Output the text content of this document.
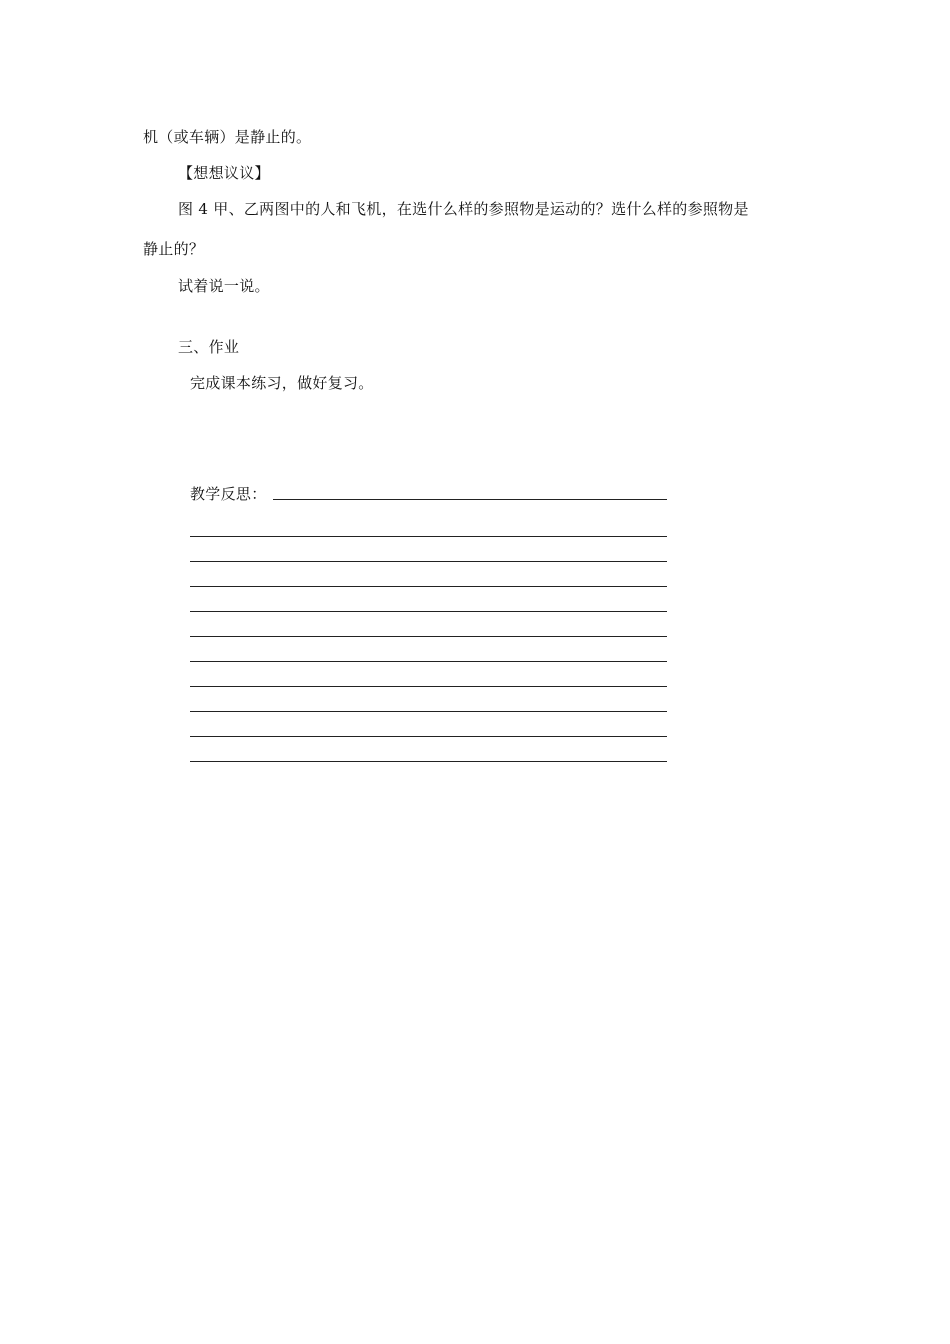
机（或车辆）是静止的。
【想想议议】
图 4 甲、乙两图中的人和飞机，在选什么样的参照物是运动的？选什么样的参照物是
静止的？
试着说一说。
三、作业
完成课本练习，做好复习。
教学反思：
